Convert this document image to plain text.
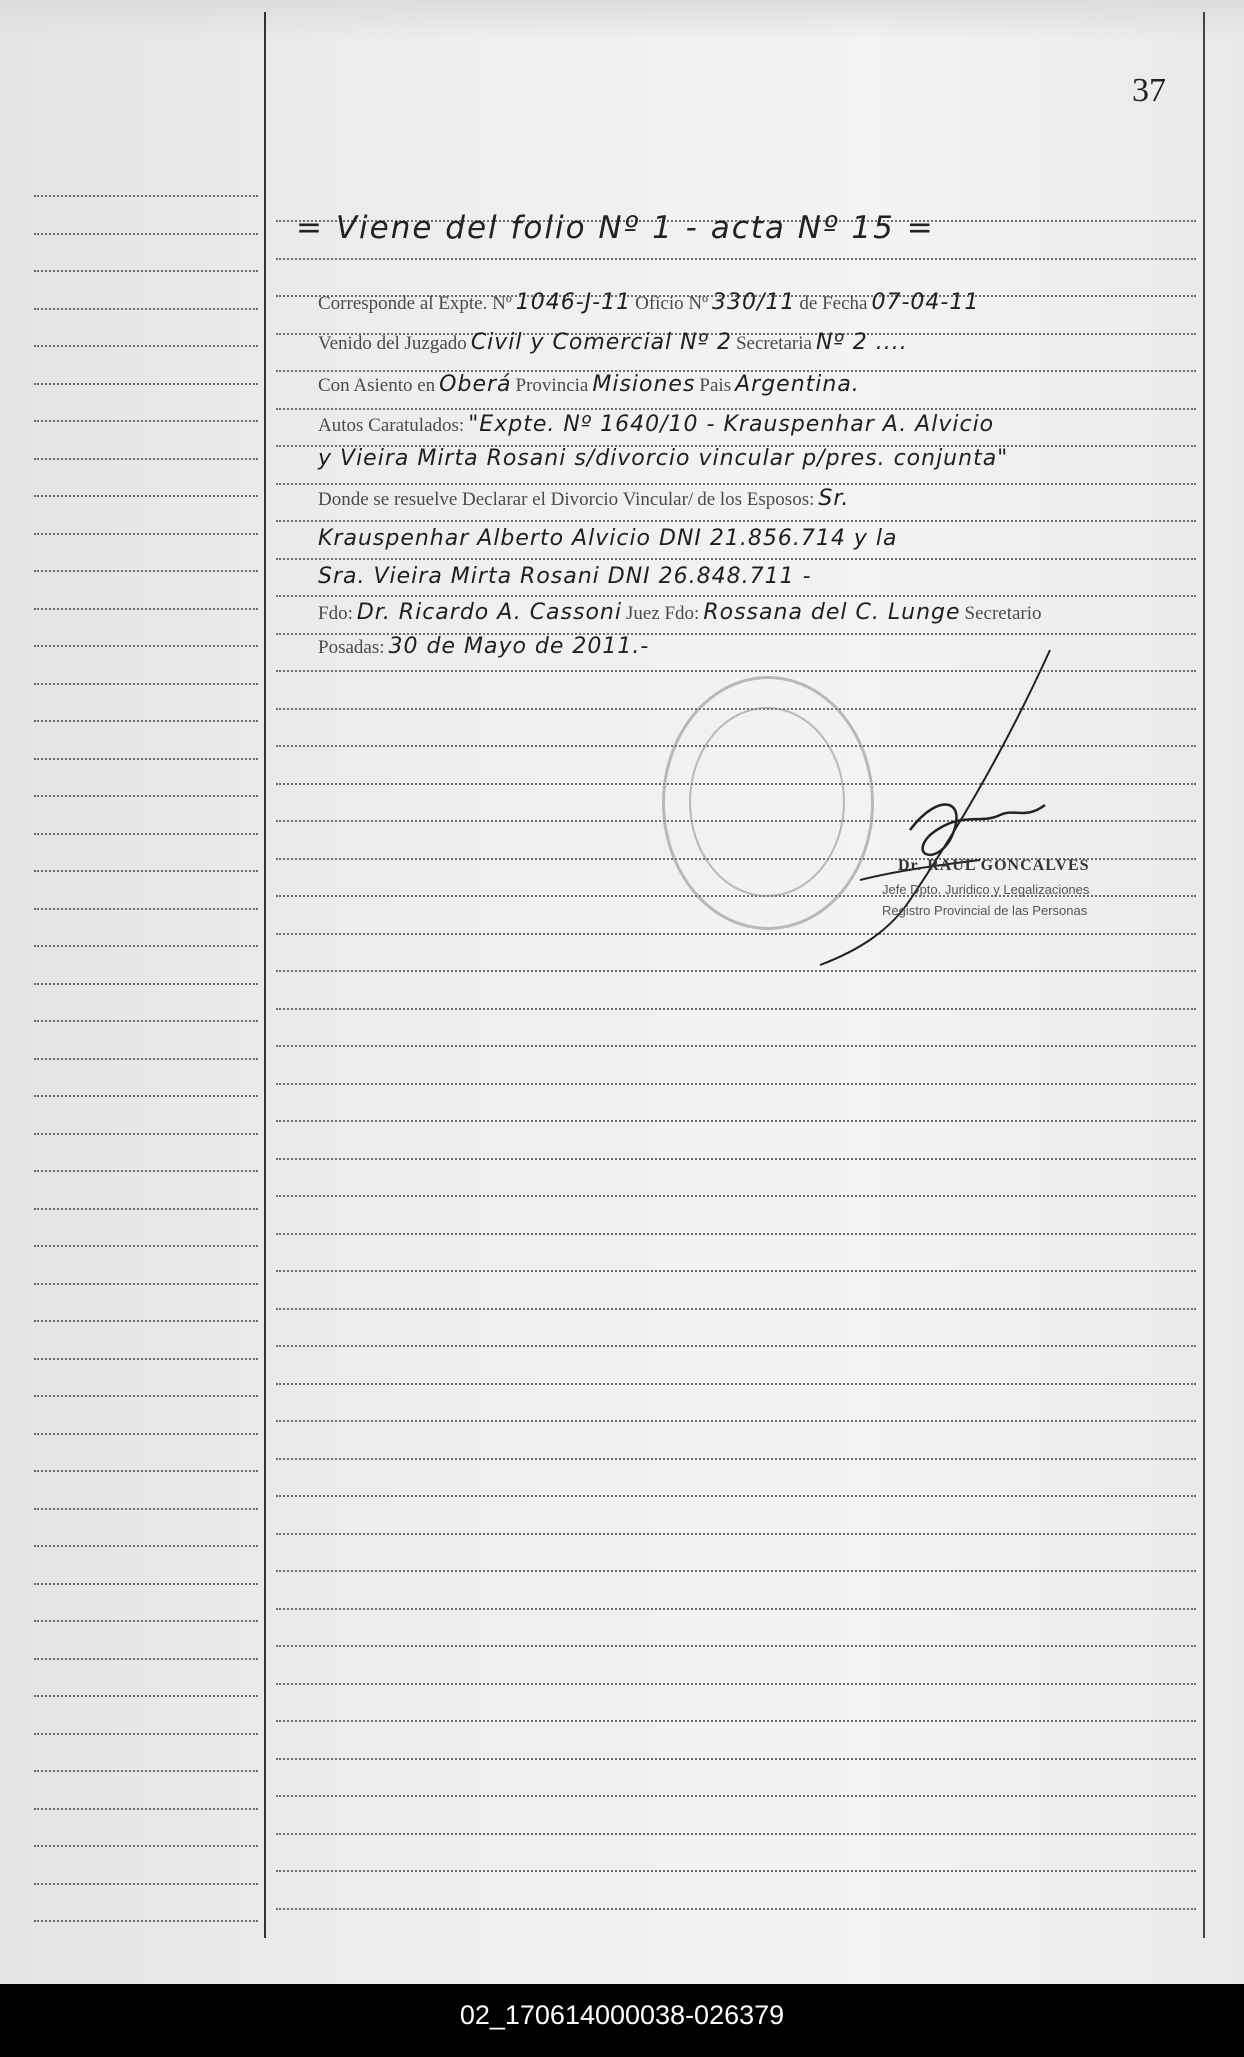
37
= Viene del folio Nº 1 - acta Nº 15 =
Corresponde al Expte. Nº 1046-J-11 Oficio Nº 330/11 de Fecha 07-04-11
Venido del Juzgado Civil y Comercial Nº 2 Secretaria Nº 2 ....
Con Asiento en Oberá Provincia Misiones Pais Argentina.
Autos Caratulados: "Expte. Nº 1640/10 - Krauspenhar A. Alvicio
y Vieira Mirta Rosani s/divorcio vincular p/pres. conjunta"
Donde se resuelve Declarar el Divorcio Vincular/ de los Esposos: Sr.
Krauspenhar Alberto Alvicio DNI 21.856.714 y la
Sra. Vieira Mirta Rosani DNI 26.848.711 -
Fdo: Dr. Ricardo A. Cassoni Juez Fdo: Rossana del C. Lunge Secretario
Posadas: 30 de Mayo de 2011.-
Dr. RAUL GONCALVES
Jefe Dpto. Juridico y Legalizaciones
Registro Provincial de las Personas
02_170614000038-026379
